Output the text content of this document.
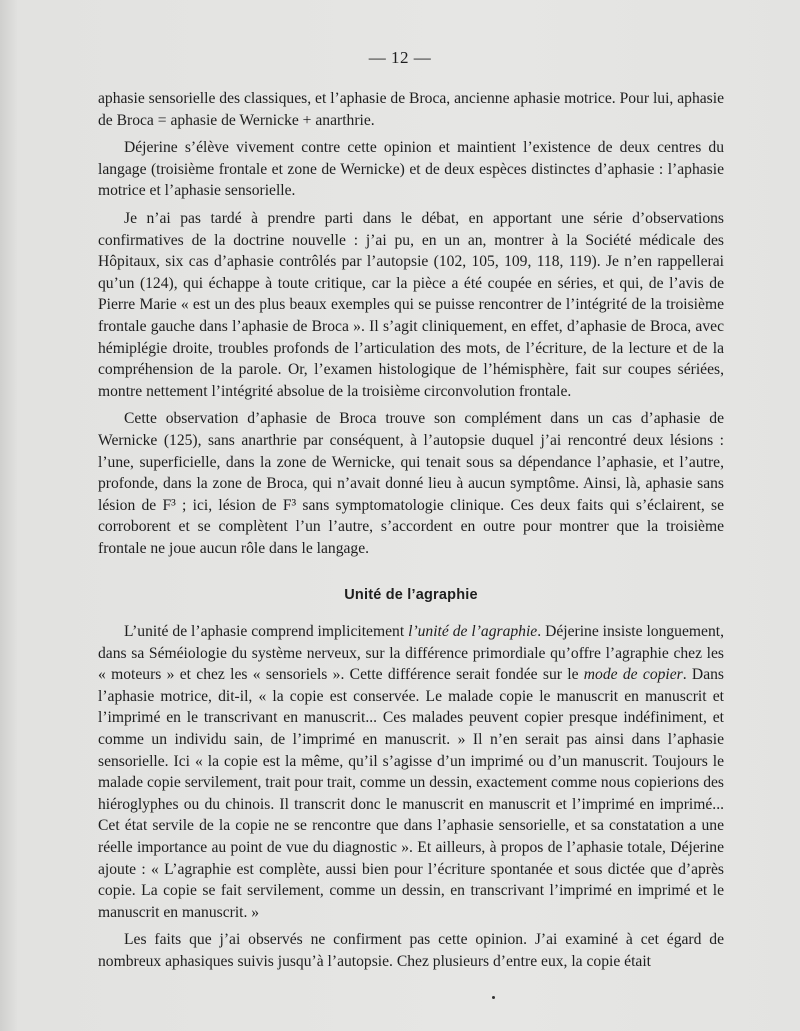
— 12 —

aphasie sensorielle des classiques, et l’aphasie de Broca, ancienne aphasie motrice. Pour lui, aphasie de Broca = aphasie de Wernicke + anarthrie.

Déjerine s’élève vivement contre cette opinion et maintient l’existence de deux centres du langage (troisième frontale et zone de Wernicke) et de deux espèces distinctes d’aphasie : l’aphasie motrice et l’aphasie sensorielle.

Je n’ai pas tardé à prendre parti dans le débat, en apportant une série d’observations confirmatives de la doctrine nouvelle : j’ai pu, en un an, montrer à la Société médicale des Hôpitaux, six cas d’aphasie contrôlés par l’autopsie (102, 105, 109, 118, 119). Je n’en rappellerai qu’un (124), qui échappe à toute critique, car la pièce a été coupée en séries, et qui, de l’avis de Pierre Marie « est un des plus beaux exemples qui se puisse rencontrer de l’intégrité de la troisième frontale gauche dans l’aphasie de Broca ». Il s’agit cliniquement, en effet, d’aphasie de Broca, avec hémiplégie droite, troubles profonds de l’articulation des mots, de l’écriture, de la lecture et de la compréhension de la parole. Or, l’examen histologique de l’hémisphère, fait sur coupes sériées, montre nettement l’intégrité absolue de la troisième circonvolution frontale.

Cette observation d’aphasie de Broca trouve son complément dans un cas d’aphasie de Wernicke (125), sans anarthrie par conséquent, à l’autopsie duquel j’ai rencontré deux lésions : l’une, superficielle, dans la zone de Wernicke, qui tenait sous sa dépendance l’aphasie, et l’autre, profonde, dans la zone de Broca, qui n’avait donné lieu à aucun symptôme. Ainsi, là, aphasie sans lésion de F³ ; ici, lésion de F³ sans symptomatologie clinique. Ces deux faits qui s’éclairent, se corroborent et se complètent l’un l’autre, s’accordent en outre pour montrer que la troisième frontale ne joue aucun rôle dans le langage.

Unité de l’agraphie

L’unité de l’aphasie comprend implicitement l’unité de l’agraphie. Déjerine insiste longuement, dans sa Séméiologie du système nerveux, sur la différence primordiale qu’offre l’agraphie chez les « moteurs » et chez les « sensoriels ». Cette différence serait fondée sur le mode de copier. Dans l’aphasie motrice, dit-il, « la copie est conservée. Le malade copie le manuscrit en manuscrit et l’imprimé en le transcrivant en manuscrit... Ces malades peuvent copier presque indéfiniment, et comme un individu sain, de l’imprimé en manuscrit. » Il n’en serait pas ainsi dans l’aphasie sensorielle. Ici « la copie est la même, qu’il s’agisse d’un imprimé ou d’un manuscrit. Toujours le malade copie servilement, trait pour trait, comme un dessin, exactement comme nous copierions des hiéroglyphes ou du chinois. Il transcrit donc le manuscrit en manuscrit et l’imprimé en imprimé... Cet état servile de la copie ne se rencontre que dans l’aphasie sensorielle, et sa constatation a une réelle importance au point de vue du diagnostic ». Et ailleurs, à propos de l’aphasie totale, Déjerine ajoute : « L’agraphie est complète, aussi bien pour l’écriture spontanée et sous dictée que d’après copie. La copie se fait servilement, comme un dessin, en transcrivant l’imprimé en imprimé et le manuscrit en manuscrit. »

Les faits que j’ai observés ne confirment pas cette opinion. J’ai examiné à cet égard de nombreux aphasiques suivis jusqu’à l’autopsie. Chez plusieurs d’entre eux, la copie était
